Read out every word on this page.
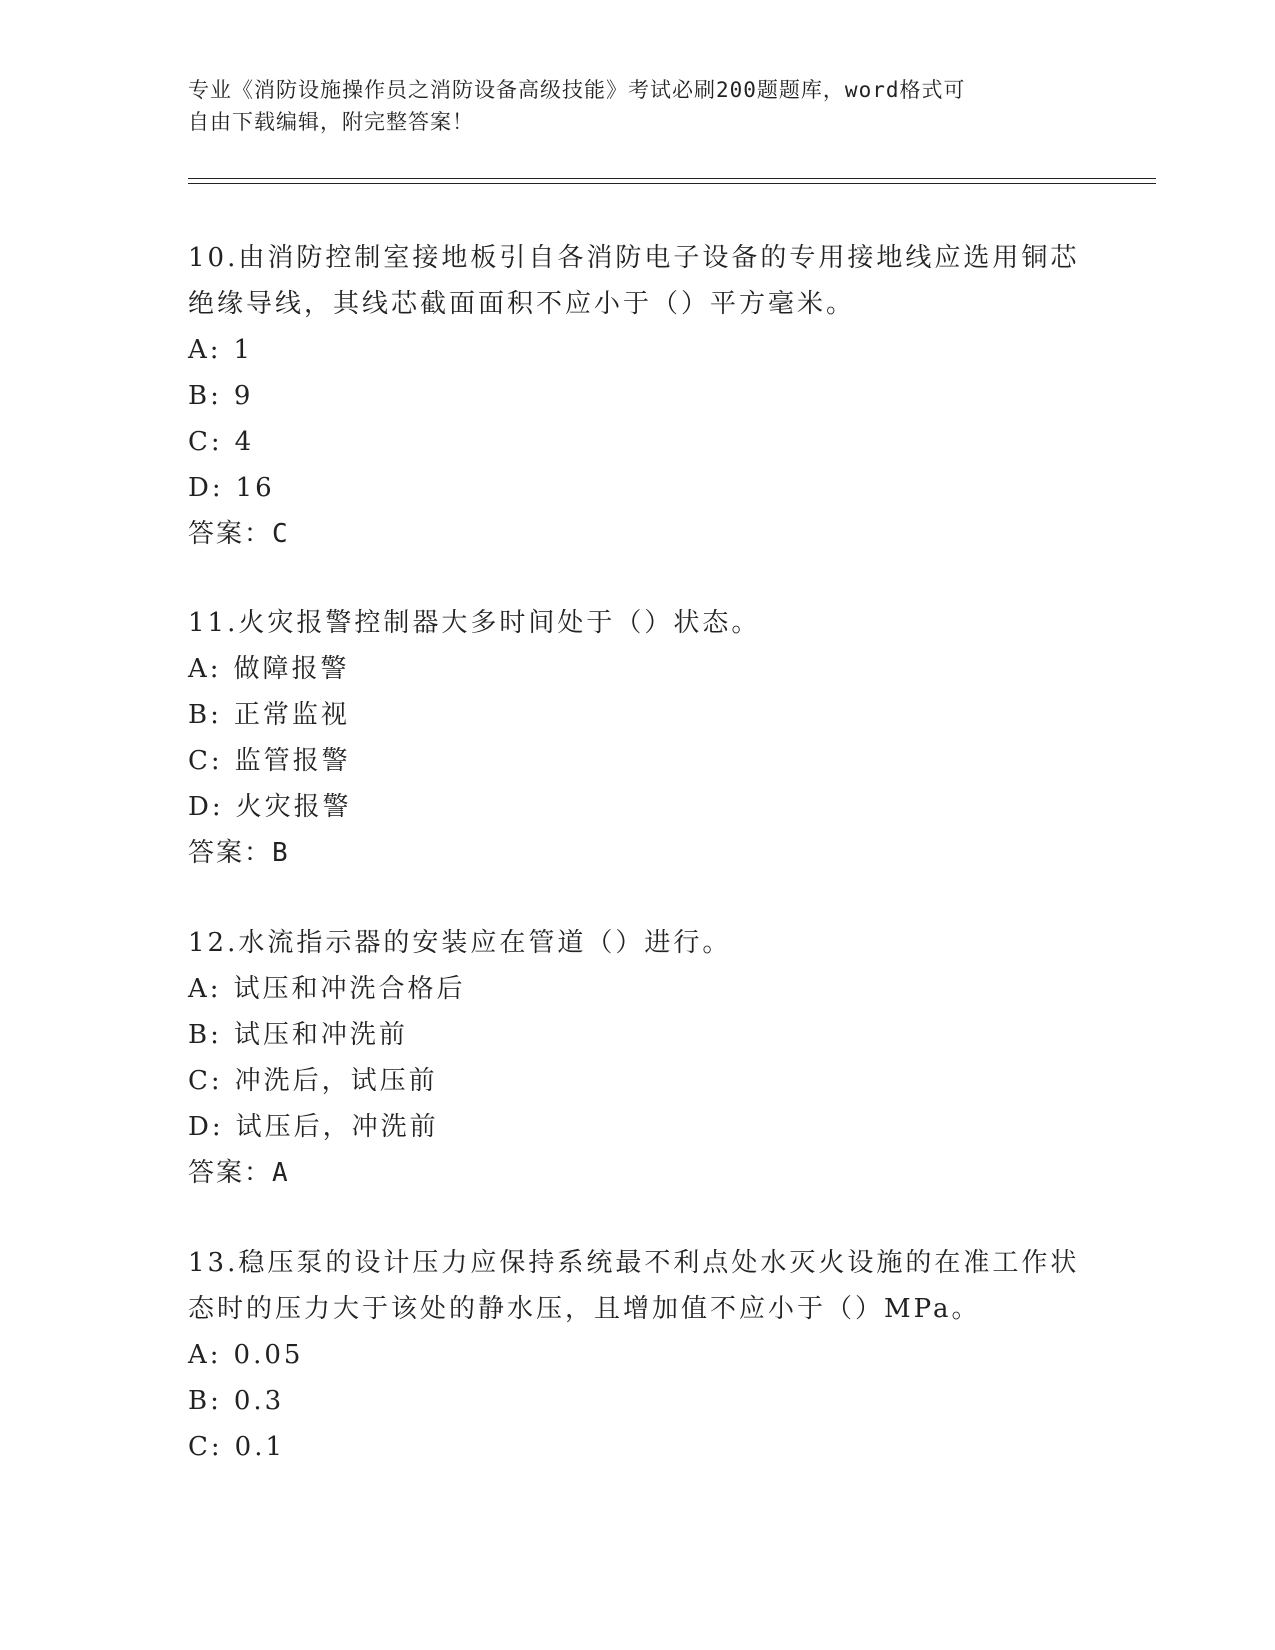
专业《消防设施操作员之消防设备高级技能》考试必刷200题题库，word格式可
自由下载编辑，附完整答案！

10.由消防控制室接地板引自各消防电子设备的专用接地线应选用铜芯

绝缘导线，其线芯截面面积不应小于（）平方毫米。

A: 1

B: 9

C: 4

D: 16

答案：C

11.火灾报警控制器大多时间处于（）状态。

A: 做障报警

B: 正常监视

C: 监管报警

D: 火灾报警

答案：B

12.水流指示器的安装应在管道（）进行。

A: 试压和冲洗合格后

B: 试压和冲洗前

C: 冲洗后，试压前

D: 试压后，冲洗前

答案：A

13.稳压泵的设计压力应保持系统最不利点处水灭火设施的在准工作状

态时的压力大于该处的静水压，且增加值不应小于（）MPa。

A: 0.05

B: 0.3

C: 0.1
